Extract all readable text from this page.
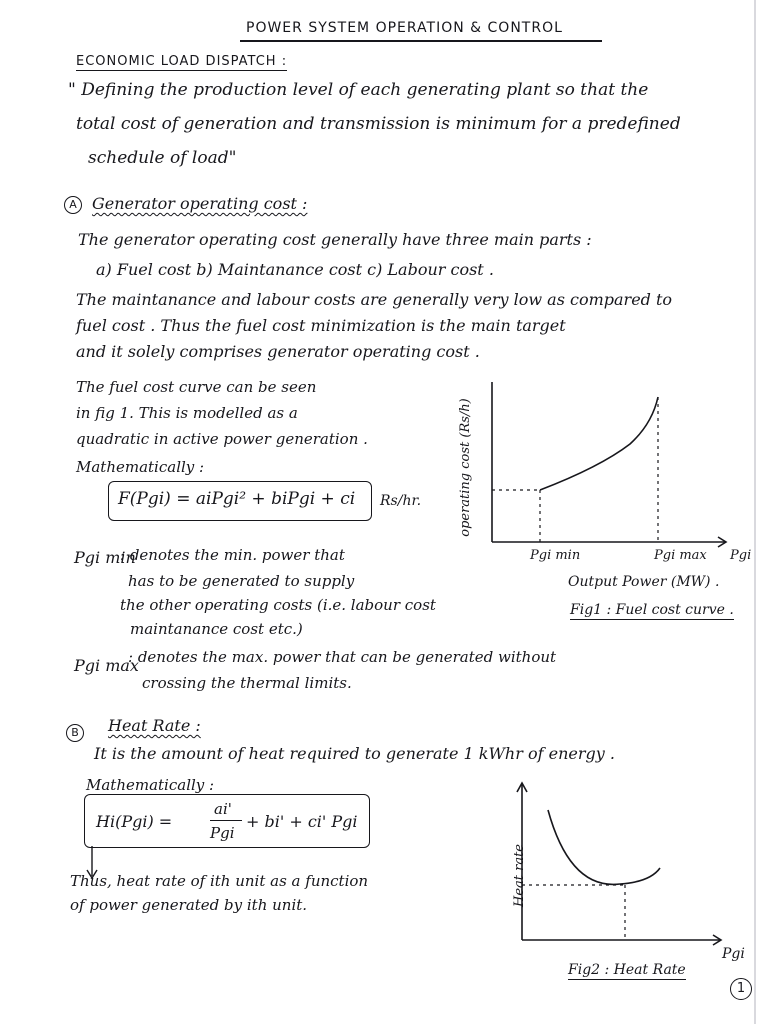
POWER SYSTEM OPERATION & CONTROL
ECONOMIC LOAD DISPATCH :
" Defining the production level of each generating plant so that the
total cost of generation and transmission is minimum for a predefined
schedule of load"
A Generator operating cost :
The generator operating cost generally have three main parts :
a) Fuel cost b) Maintanance cost c) Labour cost .
The maintanance and labour costs are generally very low as compared to
fuel cost . Thus the fuel cost minimization is the main target
and it solely comprises generator operating cost .
The fuel cost curve can be seen
in fig 1. This is modelled as a
quadratic in active power generation .
Mathematically :
F(Pgi) = aiPgi² + biPgi + ci Rs/hr.
Pgi min
: denotes the min. power that
has to be generated to supply
the other operating costs (i.e. labour cost
maintanance cost etc.)
Pgi max
: denotes the max. power that can be generated without
crossing the thermal limits.
operating cost (Rs/h)
Pgi min	Pgi max Pgi
Output Power (MW) .
Fig1 : Fuel cost curve .
B	Heat Rate :
It is the amount of heat required to generate 1 kWhr of energy .
Mathematically :
Hi(Pgi) =
ai'
Pgi
+ bi' + ci' Pgi
Thus, heat rate of ith unit as a function
of power generated by ith unit.	Heat rate
Pgi
Fig2 : Heat Rate
1
